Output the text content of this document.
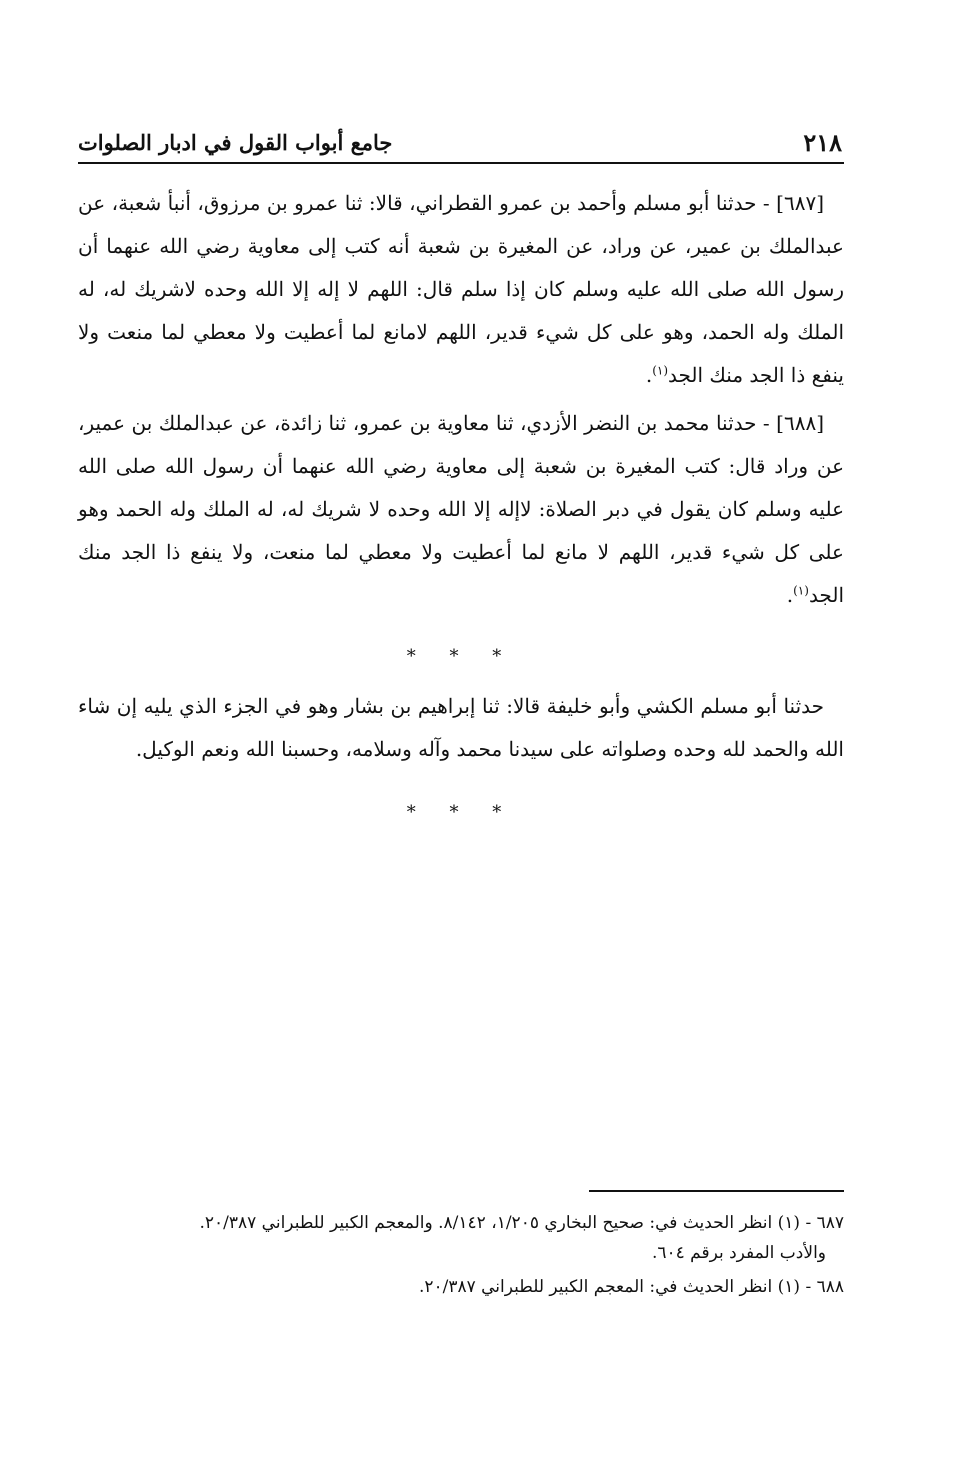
٢١٨
جامع أبواب القول في ادبار الصلوات

[٦٨٧] - حدثنا أبو مسلم وأحمد بن عمرو القطراني، قالا: ثنا عمرو بن مرزوق، أنبأ شعبة، عن عبدالملك بن عمير، عن وراد، عن المغيرة بن شعبة أنه كتب إلى معاوية رضي الله عنهما أن رسول الله صلى الله عليه وسلم كان إذا سلم قال: اللهم لا إله إلا الله وحده لاشريك له، له الملك وله الحمد، وهو على كل شيء قدير، اللهم لامانع لما أعطيت ولا معطي لما منعت ولا ينفع ذا الجد منك الجد$^{(١)}$.

[٦٨٨] - حدثنا محمد بن النضر الأزدي، ثنا معاوية بن عمرو، ثنا زائدة، عن عبدالملك بن عمير، عن وراد قال: كتب المغيرة بن شعبة إلى معاوية رضي الله عنهما أن رسول الله صلى الله عليه وسلم كان يقول في دبر الصلاة: لاإله إلا الله وحده لا شريك له، له الملك وله الحمد وهو على كل شيء قدير، اللهم لا مانع لما أعطيت ولا معطي لما منعت، ولا ينفع ذا الجد منك الجد$^{(١)}$.

* * *

حدثنا أبو مسلم الكشي وأبو خليفة قالا: ثنا إبراهيم بن بشار وهو في الجزء الذي يليه إن شاء الله والحمد لله وحده وصلواته على سيدنا محمد وآله وسلامه، وحسبنا الله ونعم الوكيل.

* * *

٦٨٧ - (١) انظر الحديث في: صحيح البخاري ١/٢٠٥، ٨/١٤٢. والمعجم الكبير للطبراني ٢٠/٣٨٧.
والأدب المفرد برقم ٦٠٤.

٦٨٨ - (١) انظر الحديث في: المعجم الكبير للطبراني ٢٠/٣٨٧.
